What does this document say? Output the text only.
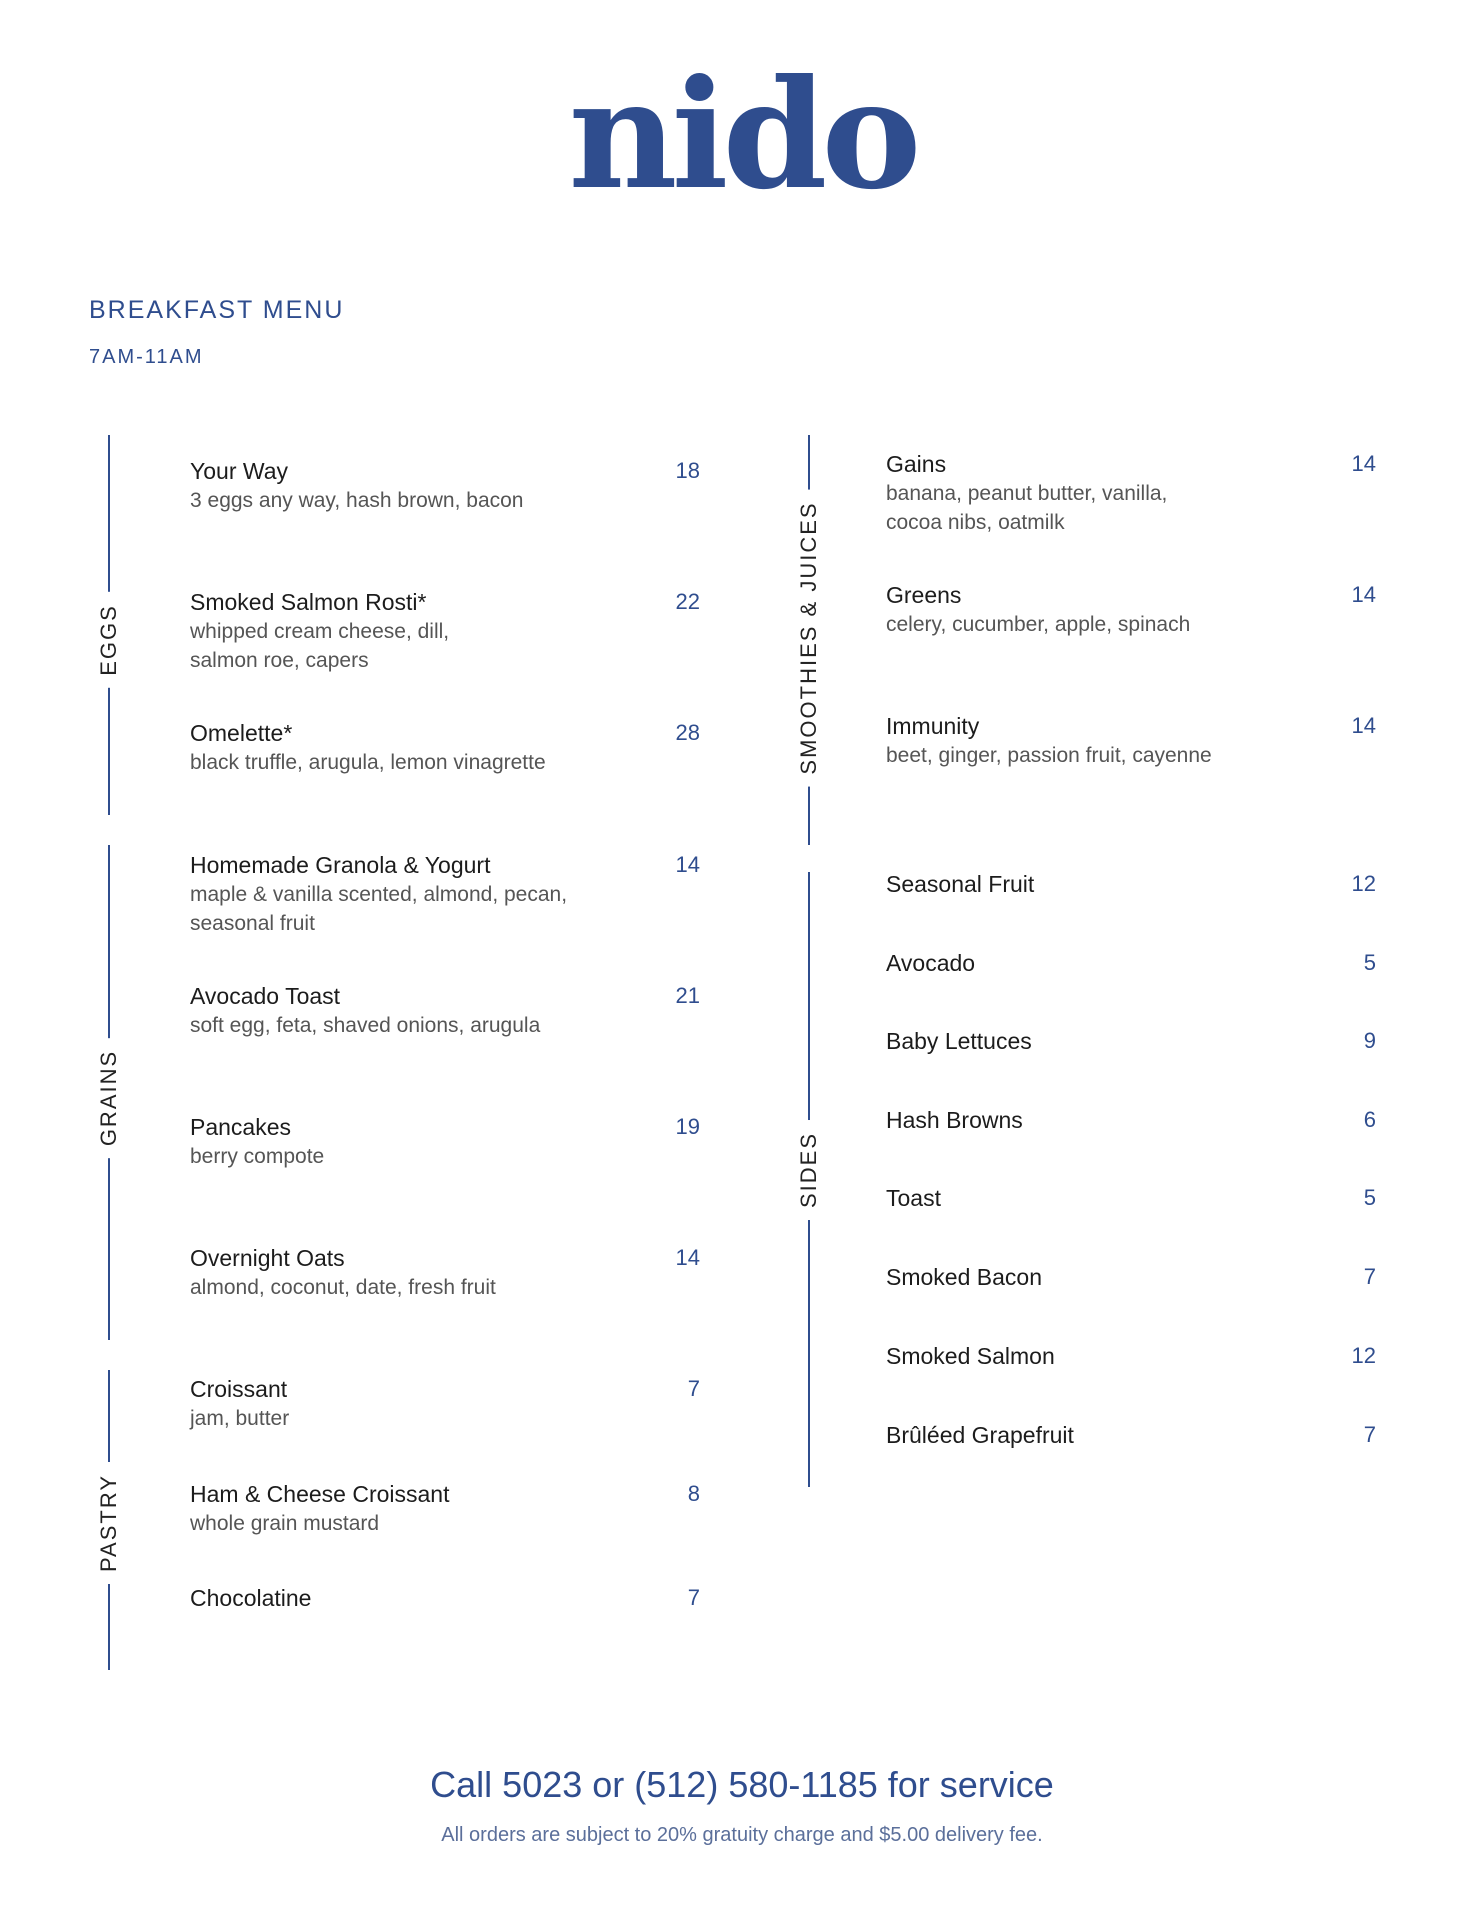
nido
BREAKFAST MENU
7AM-11AM
EGGS
Your Way
3 eggs any way, hash brown, bacon
18
Smoked Salmon Rosti*
whipped cream cheese, dill, salmon roe, capers
22
Omelette*
black truffle, arugula, lemon vinagrette
28
GRAINS
Homemade Granola & Yogurt
maple & vanilla scented, almond, pecan, seasonal fruit
14
Avocado Toast
soft egg, feta, shaved onions, arugula
21
Pancakes
berry compote
19
Overnight Oats
almond, coconut, date, fresh fruit
14
PASTRY
Croissant
jam, butter
7
Ham & Cheese Croissant
whole grain mustard
8
Chocolatine	7
SMOOTHIES & JUICES
Gains
banana, peanut butter, vanilla, cocoa nibs, oatmilk
14
Greens
celery, cucumber, apple, spinach
14
Immunity
beet, ginger, passion fruit, cayenne
14
SIDES
Seasonal Fruit	12
Avocado	5
Baby Lettuces	9
Hash Browns	6
Toast	5
Smoked Bacon	7
Smoked Salmon	12
Brûléed Grapefruit	7
Call 5023 or (512) 580-1185 for service
All orders are subject to 20% gratuity charge and $5.00 delivery fee.
